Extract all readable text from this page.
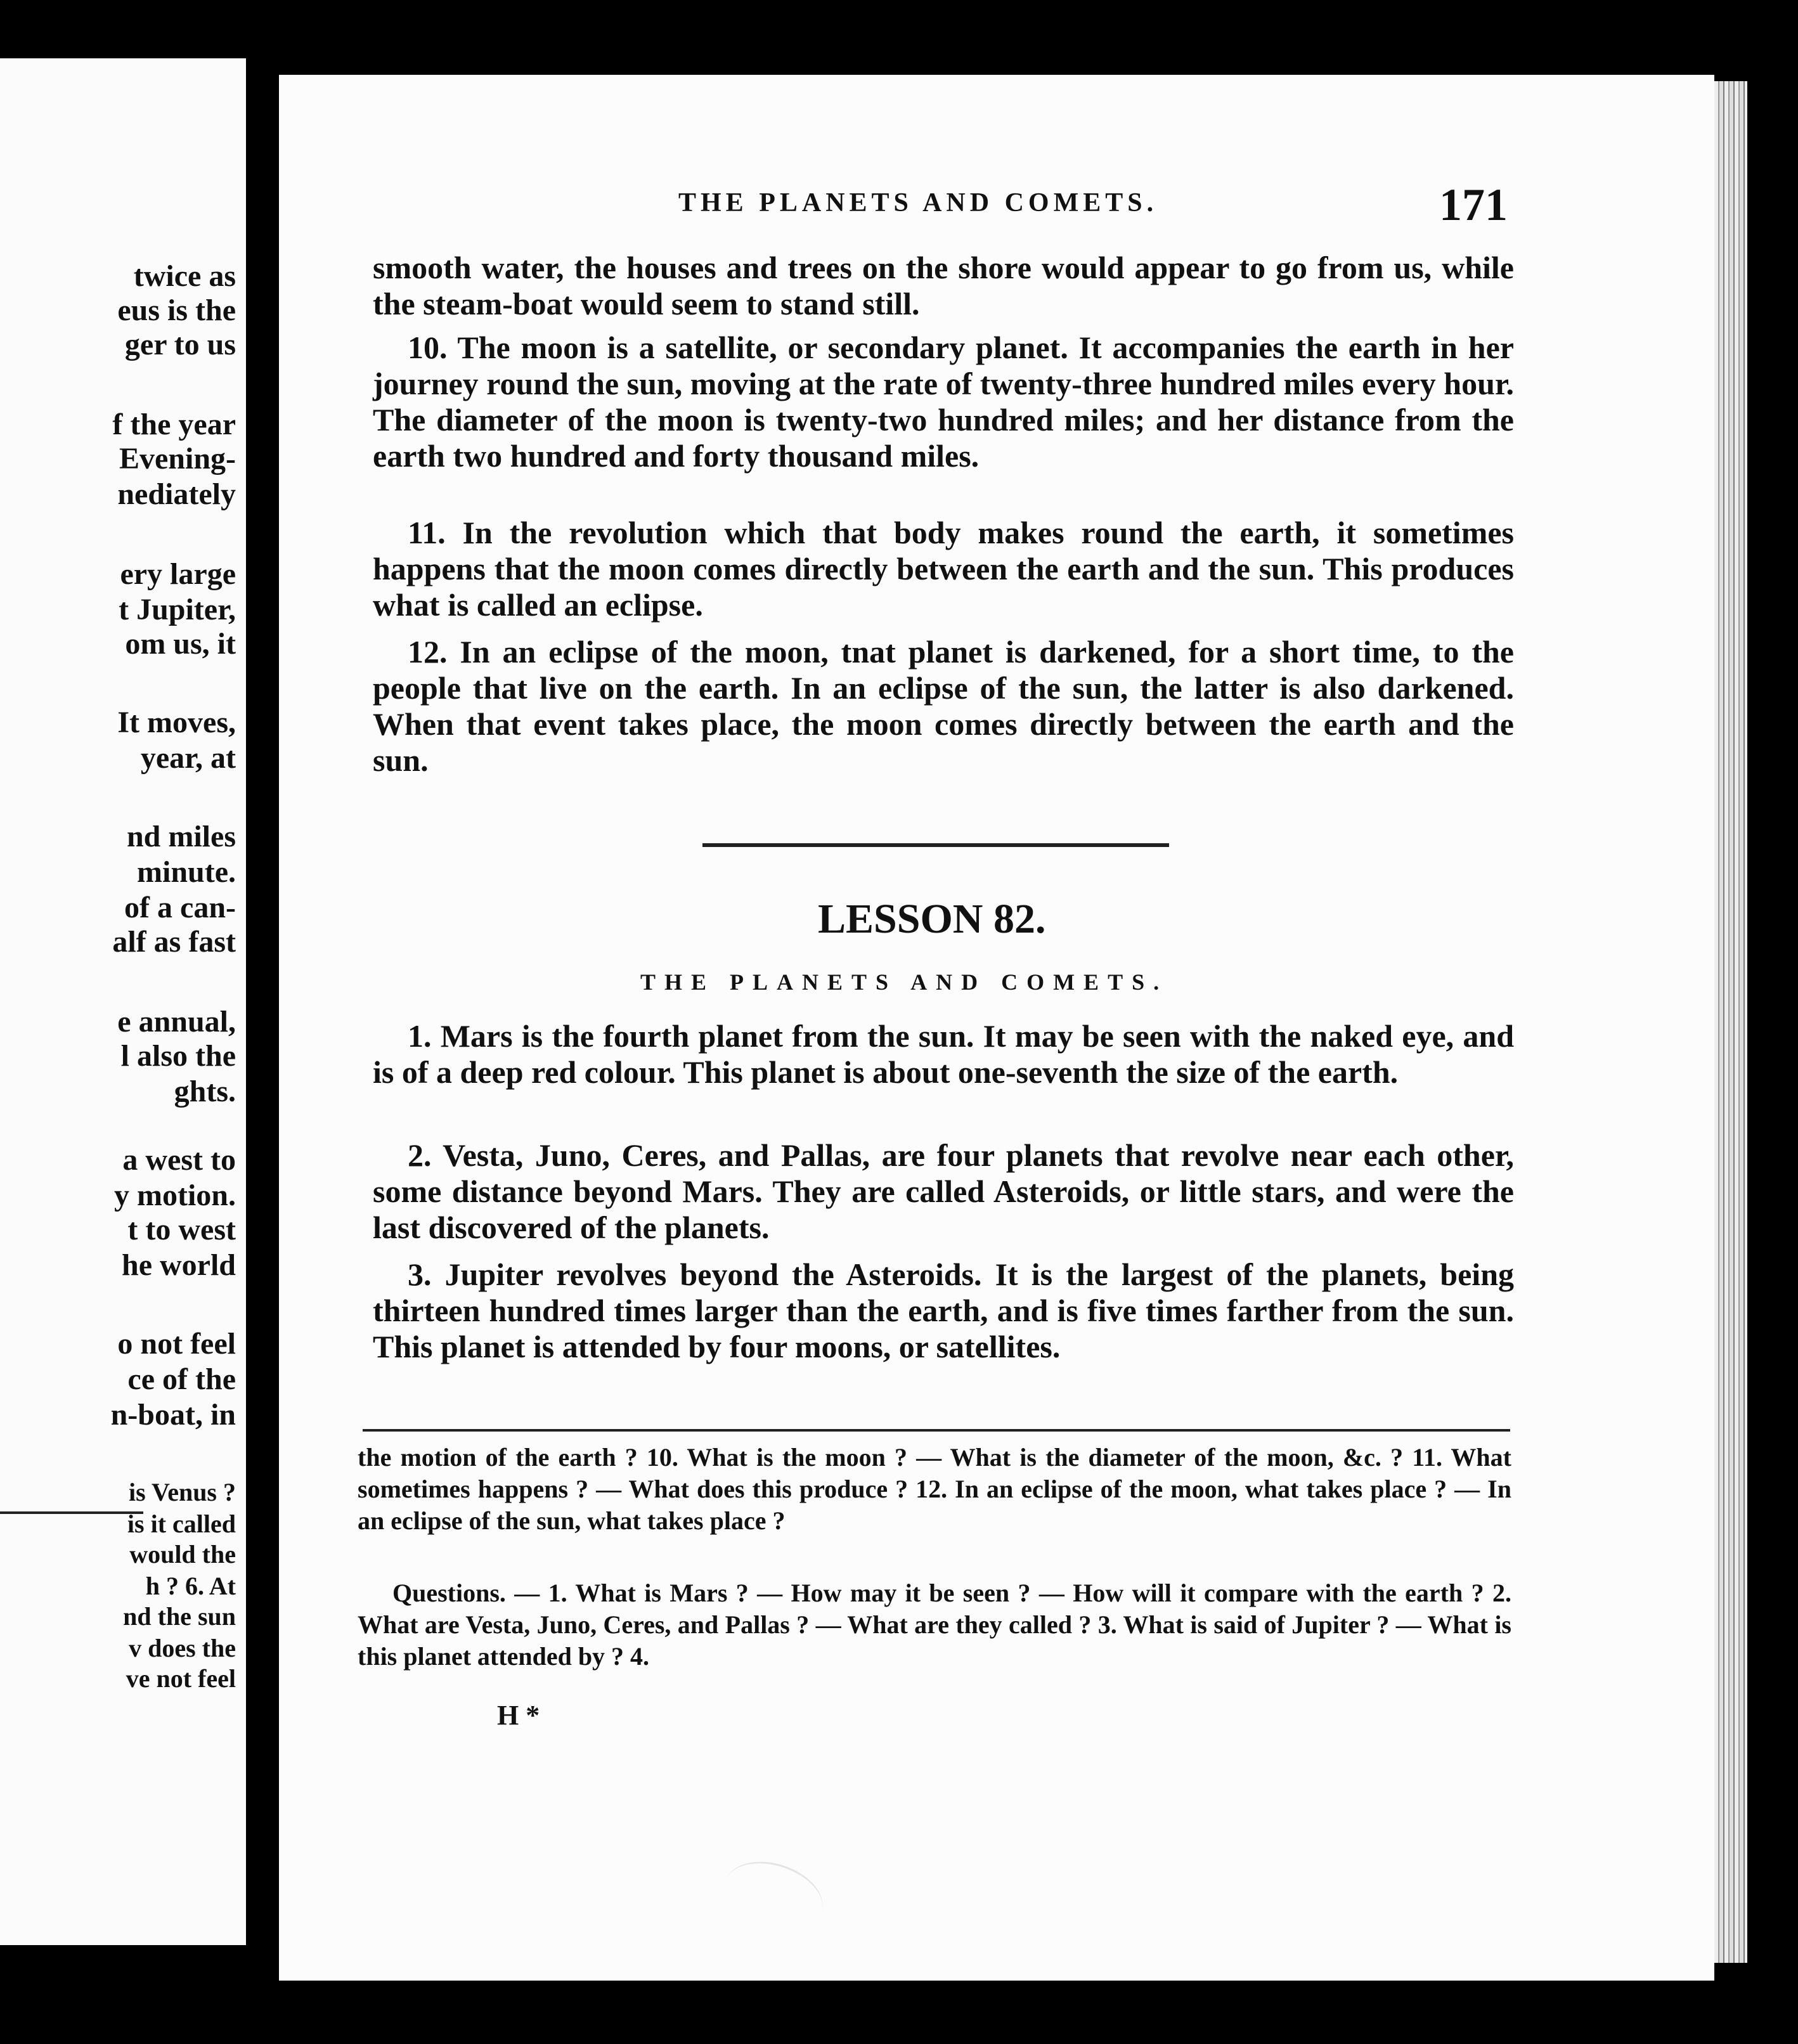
twice as
eus is the
ger to us
f the year
Evening-
nediately
ery large
t Jupiter,
om us, it
It moves,
year, at
nd miles
minute.
of a can-
alf as fast
e annual,
l also the
ghts.
a west to
y motion.
t to west
he world
o not feel
ce of the
n-boat, in
is Venus ?
is it called
would the
h ? 6. At
nd the sun
v does the
ve not feel
THE PLANETS AND COMETS.	171

smooth water, the houses and trees on the shore would appear to go from us, while the steam-boat would seem to stand still.

10. The moon is a satellite, or secondary planet. It accompanies the earth in her journey round the sun, moving at the rate of twenty-three hundred miles every hour. The diameter of the moon is twenty-two hundred miles; and her distance from the earth two hundred and forty thousand miles.

11. In the revolution which that body makes round the earth, it sometimes happens that the moon comes directly between the earth and the sun. This produces what is called an eclipse.

12. In an eclipse of the moon, tnat planet is darkened, for a short time, to the people that live on the earth. In an eclipse of the sun, the latter is also darkened. When that event takes place, the moon comes directly between the earth and the sun.

LESSON 82.
THE PLANETS AND COMETS.

1. Mars is the fourth planet from the sun. It may be seen with the naked eye, and is of a deep red colour. This planet is about one-seventh the size of the earth.

2. Vesta, Juno, Ceres, and Pallas, are four planets that revolve near each other, some distance beyond Mars. They are called Asteroids, or little stars, and were the last discovered of the planets.

3. Jupiter revolves beyond the Asteroids. It is the largest of the planets, being thirteen hundred times larger than the earth, and is five times farther from the sun. This planet is attended by four moons, or satellites.

the motion of the earth ? 10. What is the moon ? — What is the diameter of the moon, &c. ? 11. What sometimes happens ? — What does this produce ? 12. In an eclipse of the moon, what takes place ? — In an eclipse of the sun, what takes place ?

Questions. — 1. What is Mars ? — How may it be seen ? — How will it compare with the earth ? 2. What are Vesta, Juno, Ceres, and Pallas ? — What are they called ? 3. What is said of Jupiter ? — What is this planet attended by ? 4.

H *
